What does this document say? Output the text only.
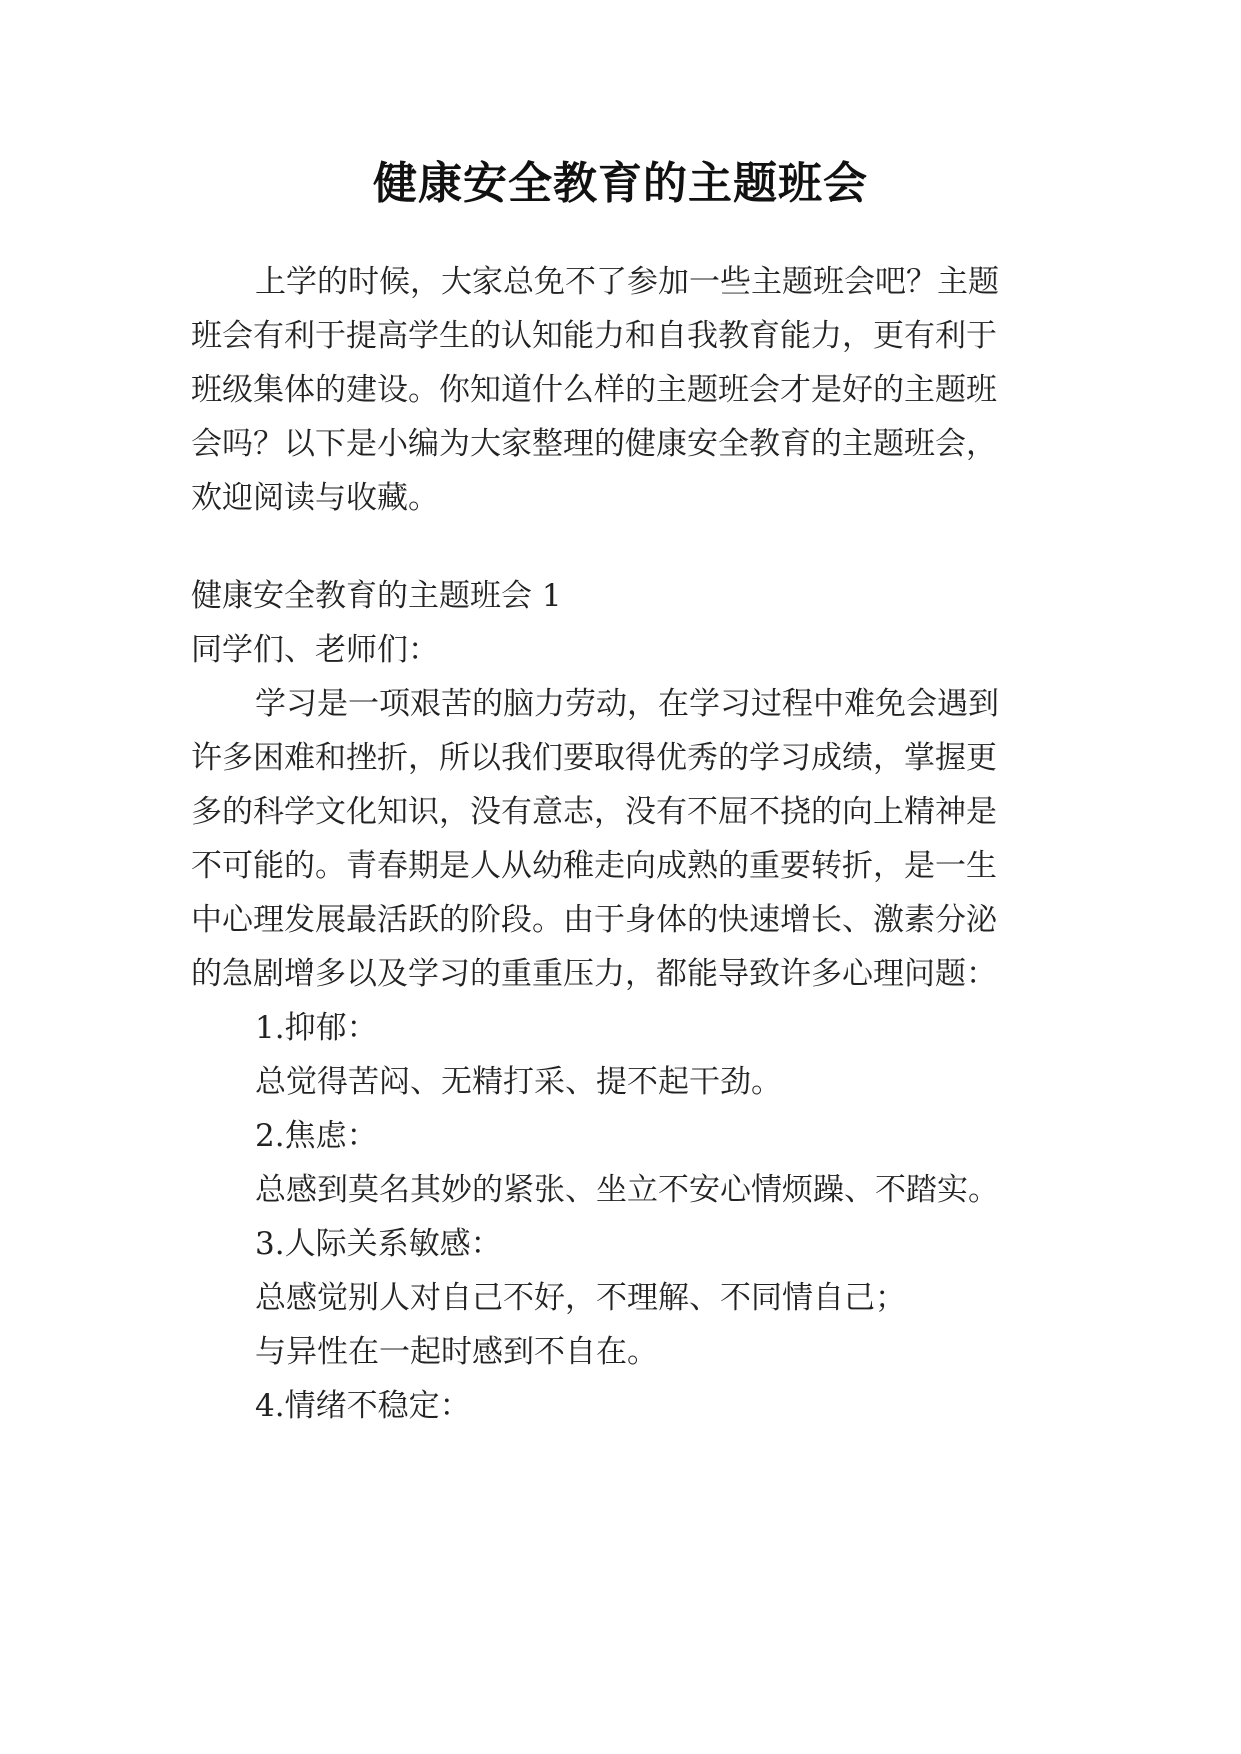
健康安全教育的主题班会
上学的时候，大家总免不了参加一些主题班会吧？主题
班会有利于提高学生的认知能力和自我教育能力，更有利于
班级集体的建设。你知道什么样的主题班会才是好的主题班
会吗？以下是小编为大家整理的健康安全教育的主题班会，
欢迎阅读与收藏。
健康安全教育的主题班会 1
同学们、老师们：
学习是一项艰苦的脑力劳动，在学习过程中难免会遇到
许多困难和挫折，所以我们要取得优秀的学习成绩，掌握更
多的科学文化知识，没有意志，没有不屈不挠的向上精神是
不可能的。青春期是人从幼稚走向成熟的重要转折，是一生
中心理发展最活跃的阶段。由于身体的快速增长、激素分泌
的急剧增多以及学习的重重压力，都能导致许多心理问题：
1.抑郁：
总觉得苦闷、无精打采、提不起干劲。
2.焦虑：
总感到莫名其妙的紧张、坐立不安心情烦躁、不踏实。
3.人际关系敏感：
总感觉别人对自己不好，不理解、不同情自己；
与异性在一起时感到不自在。
4.情绪不稳定：
